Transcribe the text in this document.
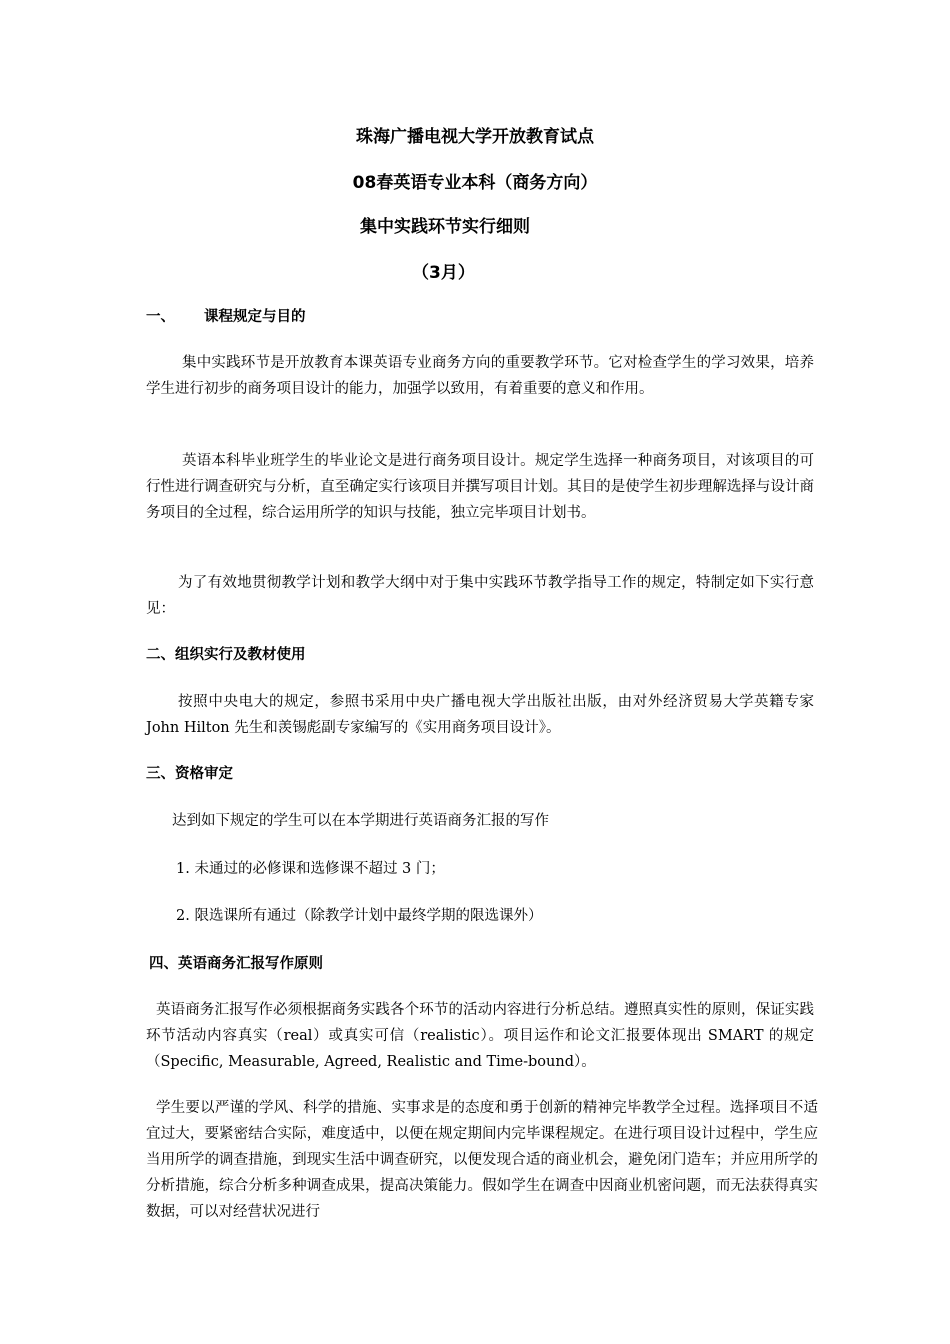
珠海广播电视大学开放教育试点
08春英语专业本科（商务方向）
集中实践环节实行细则
（3月）
一、 课程规定与目的
集中实践环节是开放教育本课英语专业商务方向的重要教学环节。它对检查学生的学习效果，培养学生进行初步的商务项目设计的能力，加强学以致用，有着重要的意义和作用。
英语本科毕业班学生的毕业论文是进行商务项目设计。规定学生选择一种商务项目，对该项目的可行性进行调查研究与分析，直至确定实行该项目并撰写项目计划。其目的是使学生初步理解选择与设计商务项目的全过程，综合运用所学的知识与技能，独立完毕项目计划书。
为了有效地贯彻教学计划和教学大纲中对于集中实践环节教学指导工作的规定，特制定如下实行意见：
二、组织实行及教材使用
按照中央电大的规定，参照书采用中央广播电视大学出版社出版，由对外经济贸易大学英籍专家 John Hilton 先生和羡锡彪副专家编写的《实用商务项目设计》。
三、资格审定
达到如下规定的学生可以在本学期进行英语商务汇报的写作
1. 未通过的必修课和选修课不超过 3 门；
2. 限选课所有通过（除教学计划中最终学期的限选课外）
四、英语商务汇报写作原则
英语商务汇报写作必须根据商务实践各个环节的活动内容进行分析总结。遵照真实性的原则，保证实践环节活动内容真实（real）或真实可信（realistic）。项目运作和论文汇报要体现出 SMART 的规定（Specific, Measurable, Agreed, Realistic and Time-bound）。
学生要以严谨的学风、科学的措施、实事求是的态度和勇于创新的精神完毕教学全过程。选择项目不适宜过大，要紧密结合实际，难度适中，以便在规定期间内完毕课程规定。在进行项目设计过程中，学生应当用所学的调查措施，到现实生活中调查研究，以便发现合适的商业机会，避免闭门造车；并应用所学的分析措施，综合分析多种调查成果，提高决策能力。假如学生在调查中因商业机密问题，而无法获得真实数据，可以对经营状况进行
